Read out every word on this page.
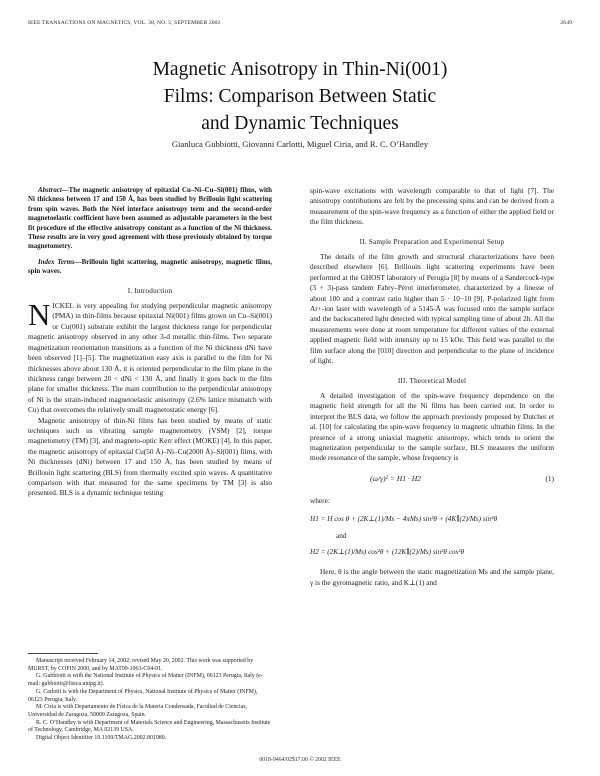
IEEE TRANSACTIONS ON MAGNETICS, VOL. 38, NO. 5, SEPTEMBER 2002	2649
Magnetic Anisotropy in Thin-Ni(001)
Films: Comparison Between Static
and Dynamic Techniques
Gianluca Gubbiotti, Giovanni Carlotti, Miguel Ciria, and R. C. O’Handley

Abstract—The magnetic anisotropy of epitaxial Cu–Ni–Cu–Si(001) films, with Ni thickness between 17 and 150 Å, has been studied by Brillouin light scattering from spin waves. Both the Néel interface anisotropy term and the second-order magnetoelastic coefficient have been assumed as adjustable parameters in the best fit procedure of the effective anisotropy constant as a function of the Ni thickness. These results are in very good agreement with those previously obtained by torque magnetometry.

Index Terms—Brillouin light scattering, magnetic anisotropy, magnetic films, spin waves.

I. Introduction

NICKEL is very appealing for studying perpendicular magnetic anisotropy (PMA) in thin-films because epitaxial Ni(001) films grown on Cu–Si(001) or Cu(001) substrate exhibit the largest thickness range for perpendicular magnetic anisotropy observed in any other 3-d metallic thin-films. Two separate magnetization reorientation transitions as a function of the Ni thickness dNi have been observed [1]–[5]. The magnetization easy axis is parallel to the film for Ni thicknesses above about 130 Å, it is oriented perpendicular to the film plane in the thickness range between 20 < dNi < 130 Å, and finally it goes back to the film plane for smaller thickness. The main contribution to the perpendicular anisotropy of Ni is the strain-induced magnetoelastic anisotropy (2.6% lattice mismatch with Cu) that overcomes the relatively small magnetostatic energy [6].

Magnetic anisotropy of thin-Ni films has been studied by means of static techniques such us vibrating sample magnetometry (VSM) [2], torque magnetometry (TM) [3], and magneto-optic Kerr effect (MOKE) [4]. In this paper, the magnetic anisotropy of epitaxial Cu(50 Å)–Ni–Cu(2000 Å)–Si(001) films, with Ni thicknesses (dNi) between 17 and 150 Å, has been studied by means of Brillouin light scattering (BLS) from thermally excited spin waves. A quantitative comparison with that measured for the same specimens by TM [3] is also presented. BLS is a dynamic technique testing

Manuscript received February 14, 2002; revised May 20, 2002. This work was supported by MURST, by COFIN 2000, and by MAT99-1063-C04-01.

G. Gubbiotti is with the National Institute of Physics of Matter (INFM), 06123 Perugia, Italy (e-mail: gubbiotti@fisica.unipg.it).

G. Carlotti is with the Department of Physics, National Institute of Physics of Matter (INFM), 06123 Perugia, Italy.

M. Ciria is with Departamento de Física de la Materia Condensada, Facultad de Ciencias, Universidad de Zaragoza, 50009 Zaragoza, Spain.

R. C. O’Handley is with Department of Materials Science and Engineering, Massachusetts Institute of Technology, Cambridge, MA 02139 USA.

Digital Object Identifier 10.1109/TMAG.2002.801980.

spin-wave excitations with wavelength comparable to that of light [7]. The anisotropy contributions are felt by the precessing spins and can be derived from a measurement of the spin-wave frequency as a function of either the applied field or the film thickness.

II. Sample Preparation and Experimental Setup

The details of the film growth and structural characterizations have been described elsewhere [6]. Brillouin light scattering experiments have been performed at the GHOST laboratory of Perugia [8] by means of a Sandercock-type (3 + 3)-pass tandem Fabry–Pérot interferometer, characterized by a finesse of about 100 and a contrast ratio higher than 5 · 10−10 [9]. P-polarized light from Ar+-ion laser with wavelength of a 5145-Å was focused onto the sample surface and the backscattered light detected with typical sampling time of about 2h. All the measurements were done at room temperature for different values of the external applied magnetic field with intensity up to 15 kOe. This field was parallel to the film surface along the [010] direction and perpendicular to the plane of incidence of light.

III. Theoretical Model

A detailed investigation of the spin-wave frequency dependence on the magnetic field strength for all the Ni films has been carried out. In order to interpret the BLS data, we follow the approach previously proposed by Dutcher et al. [10] for calculating the spin-wave frequency in magnetic ultrathin films. In the presence of a strong uniaxial magnetic anisotropy, which tends to orient the magnetization perpendicular to the sample surface, BLS measures the uniform mode resonance of the sample, whose frequency is

(ω/γ)² = H1 · H2	(1)

where:

H1 = H cos θ + (2K⊥(1)/Ms − 4πMs) sin²θ + (4K∥(2)/Ms) sin⁴θ
and
H2 = (2K⊥(1)/Ms) cos²θ + (12K∥(2)/Ms) sin²θ cos²θ

Here, θ is the angle between the static magnetization Ms and the sample plane, γ is the gyromagnetic ratio, and K⊥(1) and

0018-9464/02$17.00 © 2002 IEEE
